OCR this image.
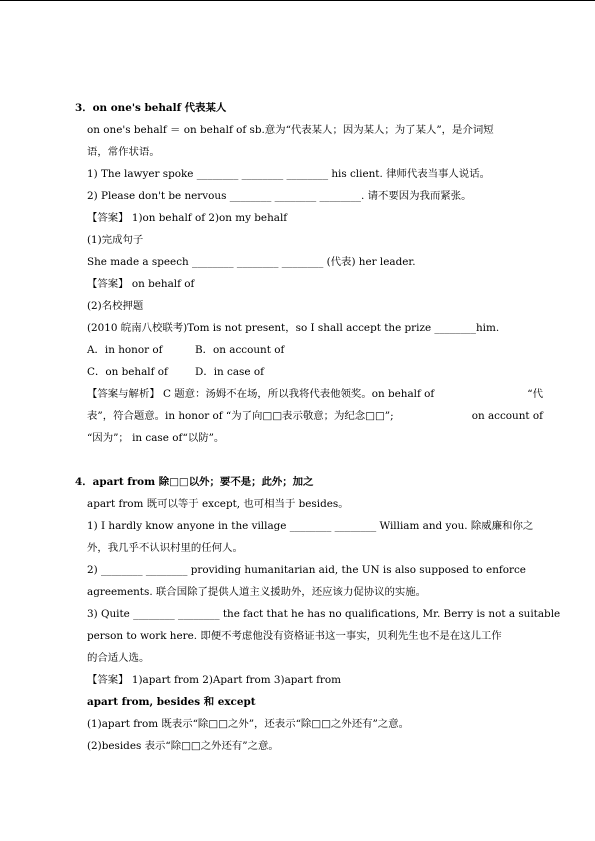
3．on one's behalf 代表某人
on one's behalf ＝ on behalf of sb.意为“代表某人；因为某人；为了某人”，是介词短
语，常作状语。
1) The lawyer spoke ________ ________ ________ his client. 律师代表当事人说话。
2) Please don't be nervous ________ ________ ________. 请不要因为我而紧张。
【答案】 1)on behalf of 2)on my behalf
(1)完成句子
She made a speech ________ ________ ________ (代表) her leader.
【答案】 on behalf of
(2)名校押题
(2010 皖南八校联考)Tom is not present，so I shall accept the prize ________him.
A．in honor of	B．on account of
C．on behalf of	D．in case of
【答案与解析】 C 题意：汤姆不在场，所以我将代表他领奖。on behalf of	“代
表”，符合题意。in honor of “为了向□□表示敬意；为纪念□□”;	on account of
“因为”； in case of“以防”。
4．apart from 除□□以外；要不是；此外；加之
apart from 既可以等于 except, 也可相当于 besides。
1) I hardly know anyone in the village ________ ________ William and you. 除威廉和你之
外，我几乎不认识村里的任何人。
2) ________ ________ providing humanitarian aid, the UN is also supposed to enforce
agreements. 联合国除了提供人道主义援助外，还应该力促协议的实施。
3) Quite ________ ________ the fact that he has no qualifications, Mr. Berry is not a suitable
person to work here. 即便不考虑他没有资格证书这一事实，贝利先生也不是在这儿工作
的合适人选。
【答案】 1)apart from 2)Apart from 3)apart from
apart from, besides 和 except
(1)apart from 既表示“除□□之外”，还表示“除□□之外还有”之意。
(2)besides 表示“除□□之外还有”之意。
